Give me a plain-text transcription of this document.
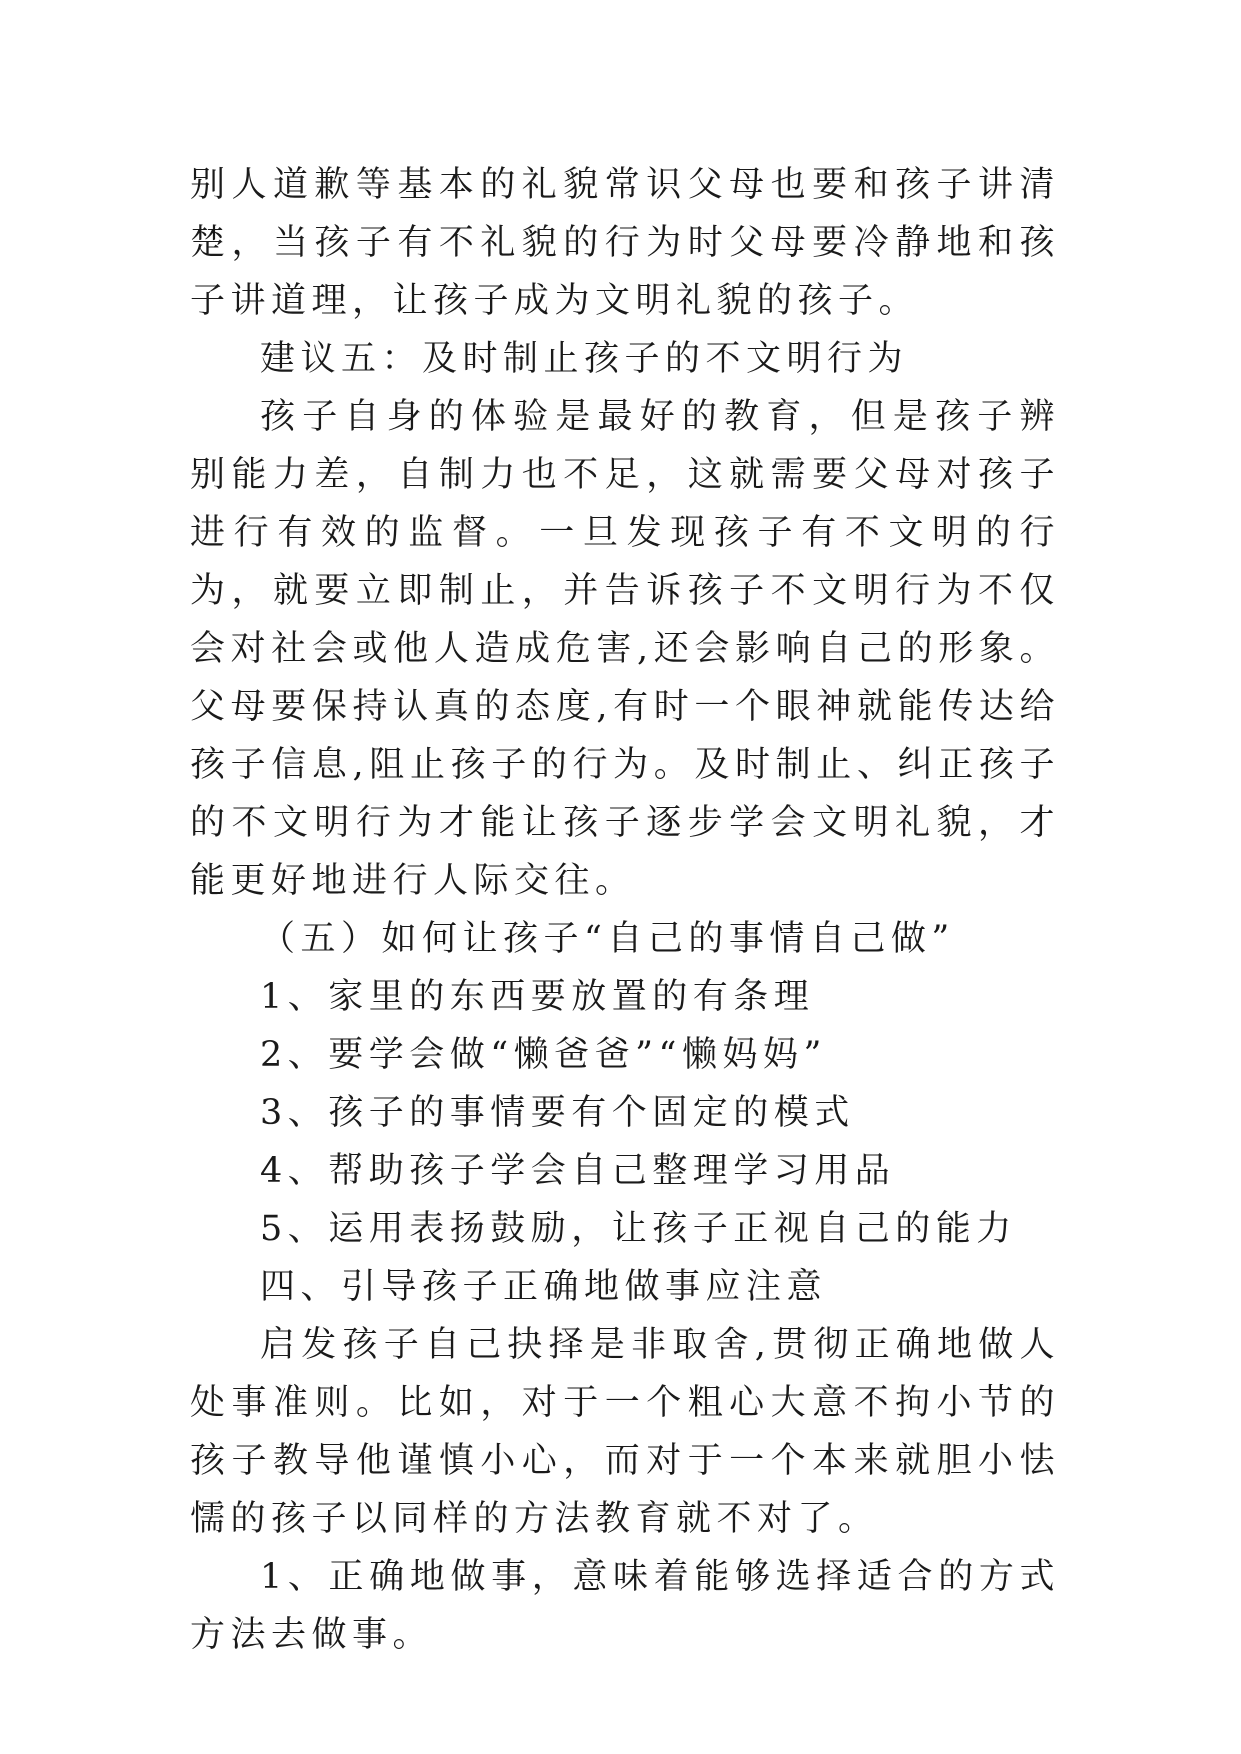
别人道歉等基本的礼貌常识父母也要和孩子讲清楚，当孩子有不礼貌的行为时父母要冷静地和孩子讲道理，让孩子成为文明礼貌的孩子。

建议五：及时制止孩子的不文明行为

孩子自身的体验是最好的教育，但是孩子辨别能力差，自制力也不足，这就需要父母对孩子进行有效的监督。一旦发现孩子有不文明的行为，就要立即制止，并告诉孩子不文明行为不仅会对社会或他人造成危害,还会影响自己的形象。父母要保持认真的态度,有时一个眼神就能传达给孩子信息,阻止孩子的行为。及时制止、纠正孩子的不文明行为才能让孩子逐步学会文明礼貌，才能更好地进行人际交往。

（五）如何让孩子“自己的事情自己做”

1、家里的东西要放置的有条理

2、要学会做“懒爸爸”“懒妈妈”

3、孩子的事情要有个固定的模式

4、帮助孩子学会自己整理学习用品

5、运用表扬鼓励，让孩子正视自己的能力

四、引导孩子正确地做事应注意

启发孩子自己抉择是非取舍,贯彻正确地做人处事准则。比如，对于一个粗心大意不拘小节的孩子教导他谨慎小心，而对于一个本来就胆小怯懦的孩子以同样的方法教育就不对了。

1、正确地做事，意味着能够选择适合的方式方法去做事。
